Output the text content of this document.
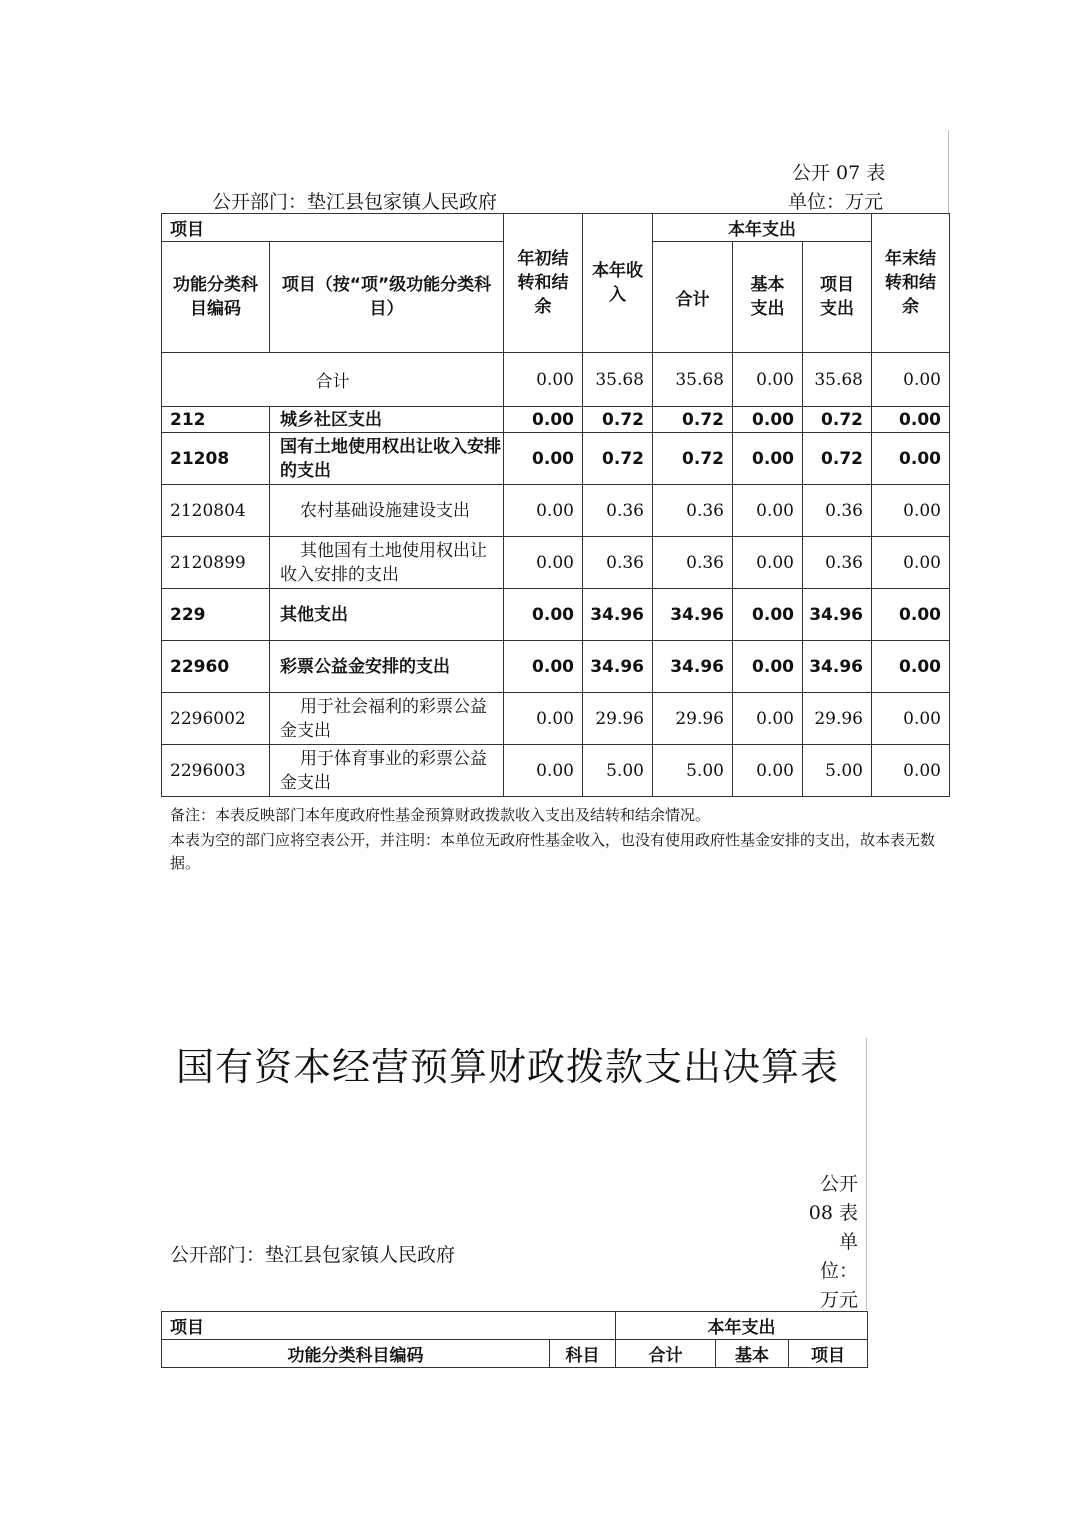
公开 07 表
公开部门：垫江县包家镇人民政府	单位：万元
项目		年初结转和结余	本年收入	本年支出			年末结转和结余
功能分类科目编码	项目（按“项”级功能分类科目）			合计	基本支出	项目支出	
合计		0.00	35.68	35.68	0.00	35.68	0.00
212	城乡社区支出	0.00	0.72	0.72	0.00	0.72	0.00
21208	国有土地使用权出让收入安排的支出	0.00	0.72	0.72	0.00	0.72	0.00
2120804	农村基础设施建设支出	0.00	0.36	0.36	0.00	0.36	0.00
2120899	其他国有土地使用权出让收入安排的支出	0.00	0.36	0.36	0.00	0.36	0.00
229	其他支出	0.00	34.96	34.96	0.00	34.96	0.00
22960	彩票公益金安排的支出	0.00	34.96	34.96	0.00	34.96	0.00
2296002	用于社会福利的彩票公益金支出	0.00	29.96	29.96	0.00	29.96	0.00
2296003	用于体育事业的彩票公益金支出	0.00	5.00	5.00	0.00	5.00	0.00
备注：本表反映部门本年度政府性基金预算财政拨款收入支出及结转和结余情况。
本表为空的部门应将空表公开，并注明：本单位无政府性基金收入，也没有使用政府性基金安排的支出，故本表无数据。
国有资本经营预算财政拨款支出决算表
公开08 表
单位：万元
公开部门：垫江县包家镇人民政府
项目		本年支出		
功能分类科目编码	科目	合计	基本	项目
